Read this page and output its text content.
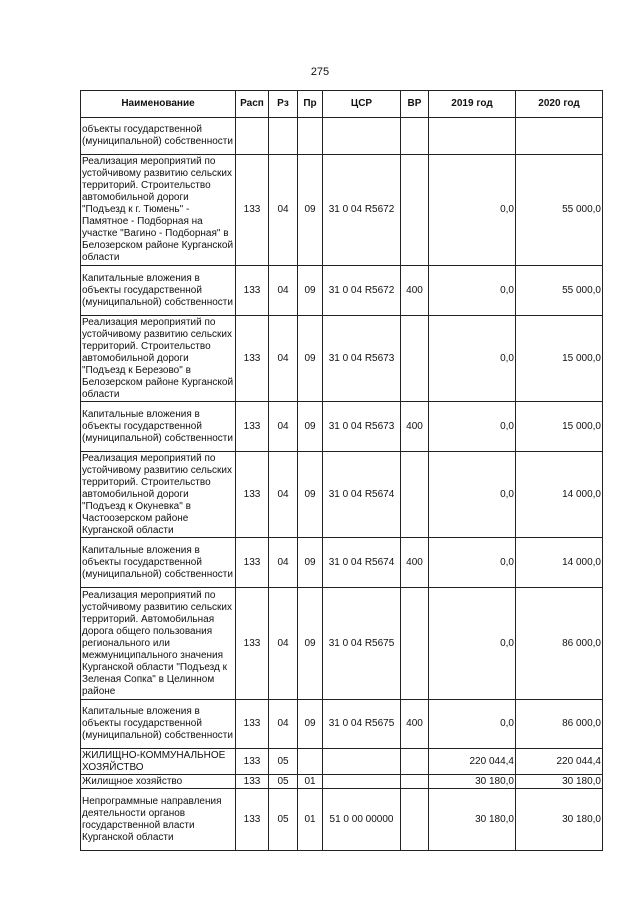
275
Наименование	Расп	Рз	Пр	ЦСР	ВР	2019 год	2020 год
объекты государственной (муниципальной) собственности							
Реализация мероприятий по устойчивому развитию сельских территорий. Строительство автомобильной дороги "Подъезд к г. Тюмень" - Памятное - Подборная на участке "Вагино - Подборная" в Белозерском районе Курганской области	133	04	09	31 0 04 R5672		0,0	55 000,0
Капитальные вложения в объекты государственной (муниципальной) собственности	133	04	09	31 0 04 R5672	400	0,0	55 000,0
Реализация мероприятий по устойчивому развитию сельских территорий. Строительство автомобильной дороги "Подъезд к Березово" в Белозерском районе Курганской области	133	04	09	31 0 04 R5673		0,0	15 000,0
Капитальные вложения в объекты государственной (муниципальной) собственности	133	04	09	31 0 04 R5673	400	0,0	15 000,0
Реализация мероприятий по устойчивому развитию сельских территорий. Строительство автомобильной дороги "Подъезд к Окуневка" в Частоозерском районе Курганской области	133	04	09	31 0 04 R5674		0,0	14 000,0
Капитальные вложения в объекты государственной (муниципальной) собственности	133	04	09	31 0 04 R5674	400	0,0	14 000,0
Реализация мероприятий по устойчивому развитию сельских территорий. Автомобильная дорога общего пользования регионального или межмуниципального значения Курганской области "Подъезд к Зеленая Сопка" в Целинном районе	133	04	09	31 0 04 R5675		0,0	86 000,0
Капитальные вложения в объекты государственной (муниципальной) собственности	133	04	09	31 0 04 R5675	400	0,0	86 000,0
ЖИЛИЩНО-КОММУНАЛЬНОЕ ХОЗЯЙСТВО	133	05				220 044,4	220 044,4
Жилищное хозяйство	133	05	01			30 180,0	30 180,0
Непрограммные направления деятельности органов государственной власти Курганской области	133	05	01	51 0 00 00000		30 180,0	30 180,0
